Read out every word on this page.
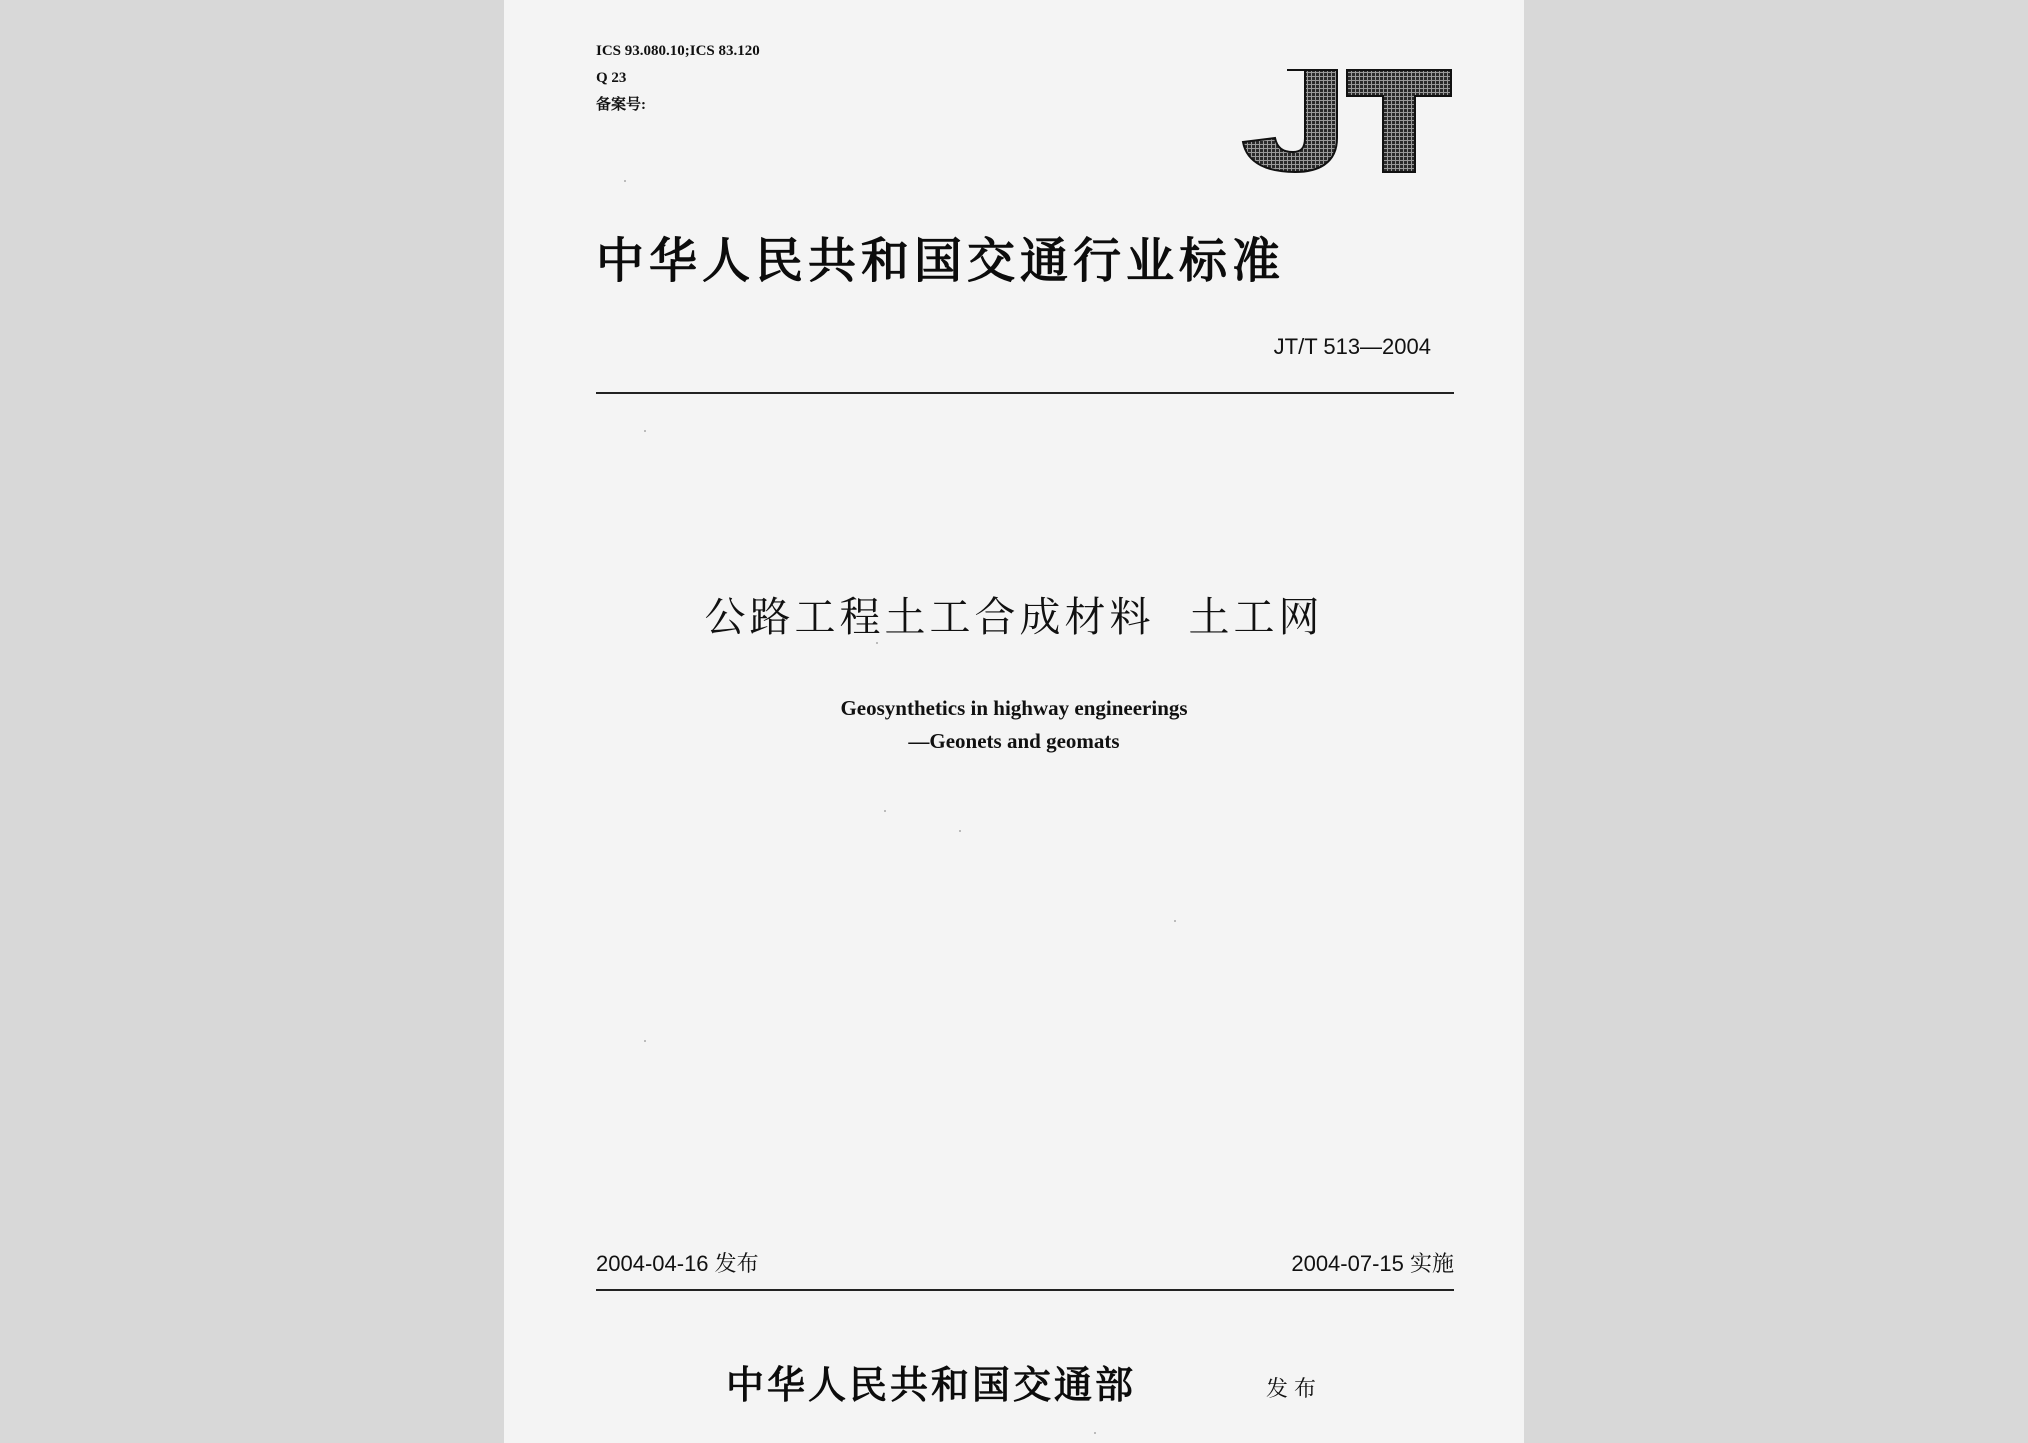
ICS 93.080.10;ICS 83.120
Q 23
备案号:
中华人民共和国交通行业标准
JT/T 513—2004
公路工程土工合成材料  土工网
Geosynthetics in highway engineerings
—Geonets and geomats
2004-04-16 发布	2004-07-15 实施
中华人民共和国交通部	发布
